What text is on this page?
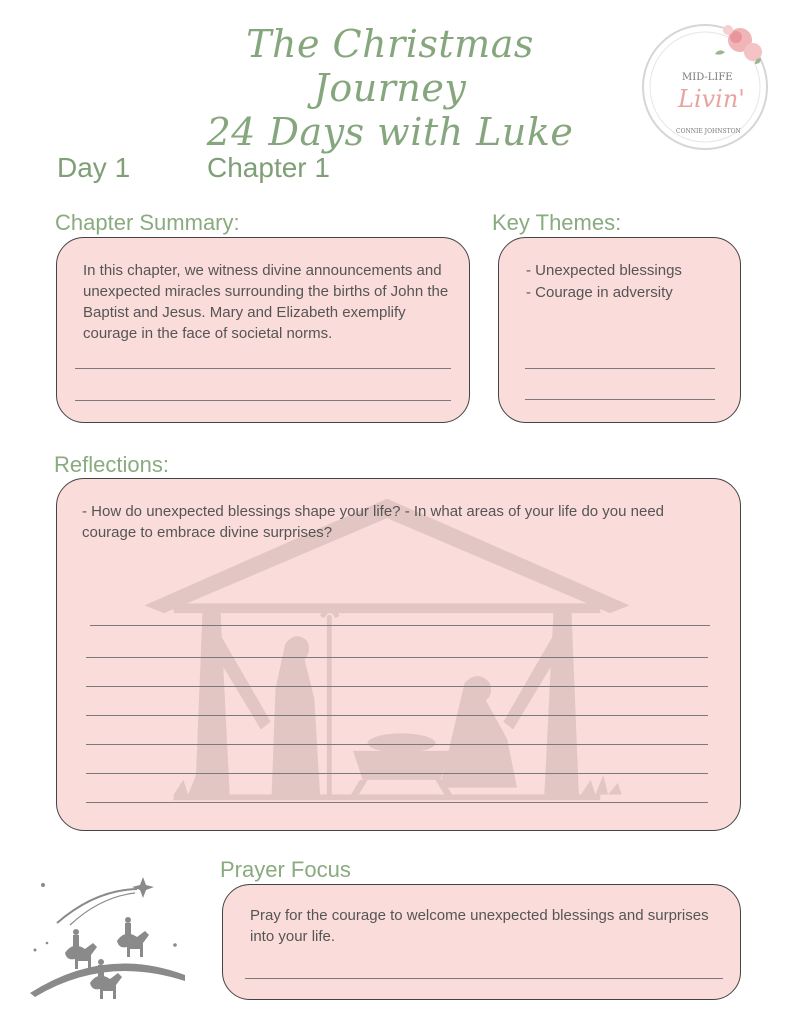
The Christmas Journey
24 Days with Luke
MID-LIFE
Livin'
CONNIE JOHNSTON
Day 1	Chapter 1
Chapter Summary:
In this chapter, we witness divine announcements and unexpected miracles surrounding the births of John the Baptist and Jesus. Mary and Elizabeth exemplify courage in the face of societal norms.
Key Themes:
- Unexpected blessings
- Courage in adversity
Reflections:
- How do unexpected blessings shape your life? - In what areas of your life do you need courage to embrace divine surprises?
Prayer Focus
Pray for the courage to welcome unexpected blessings and surprises into your life.
